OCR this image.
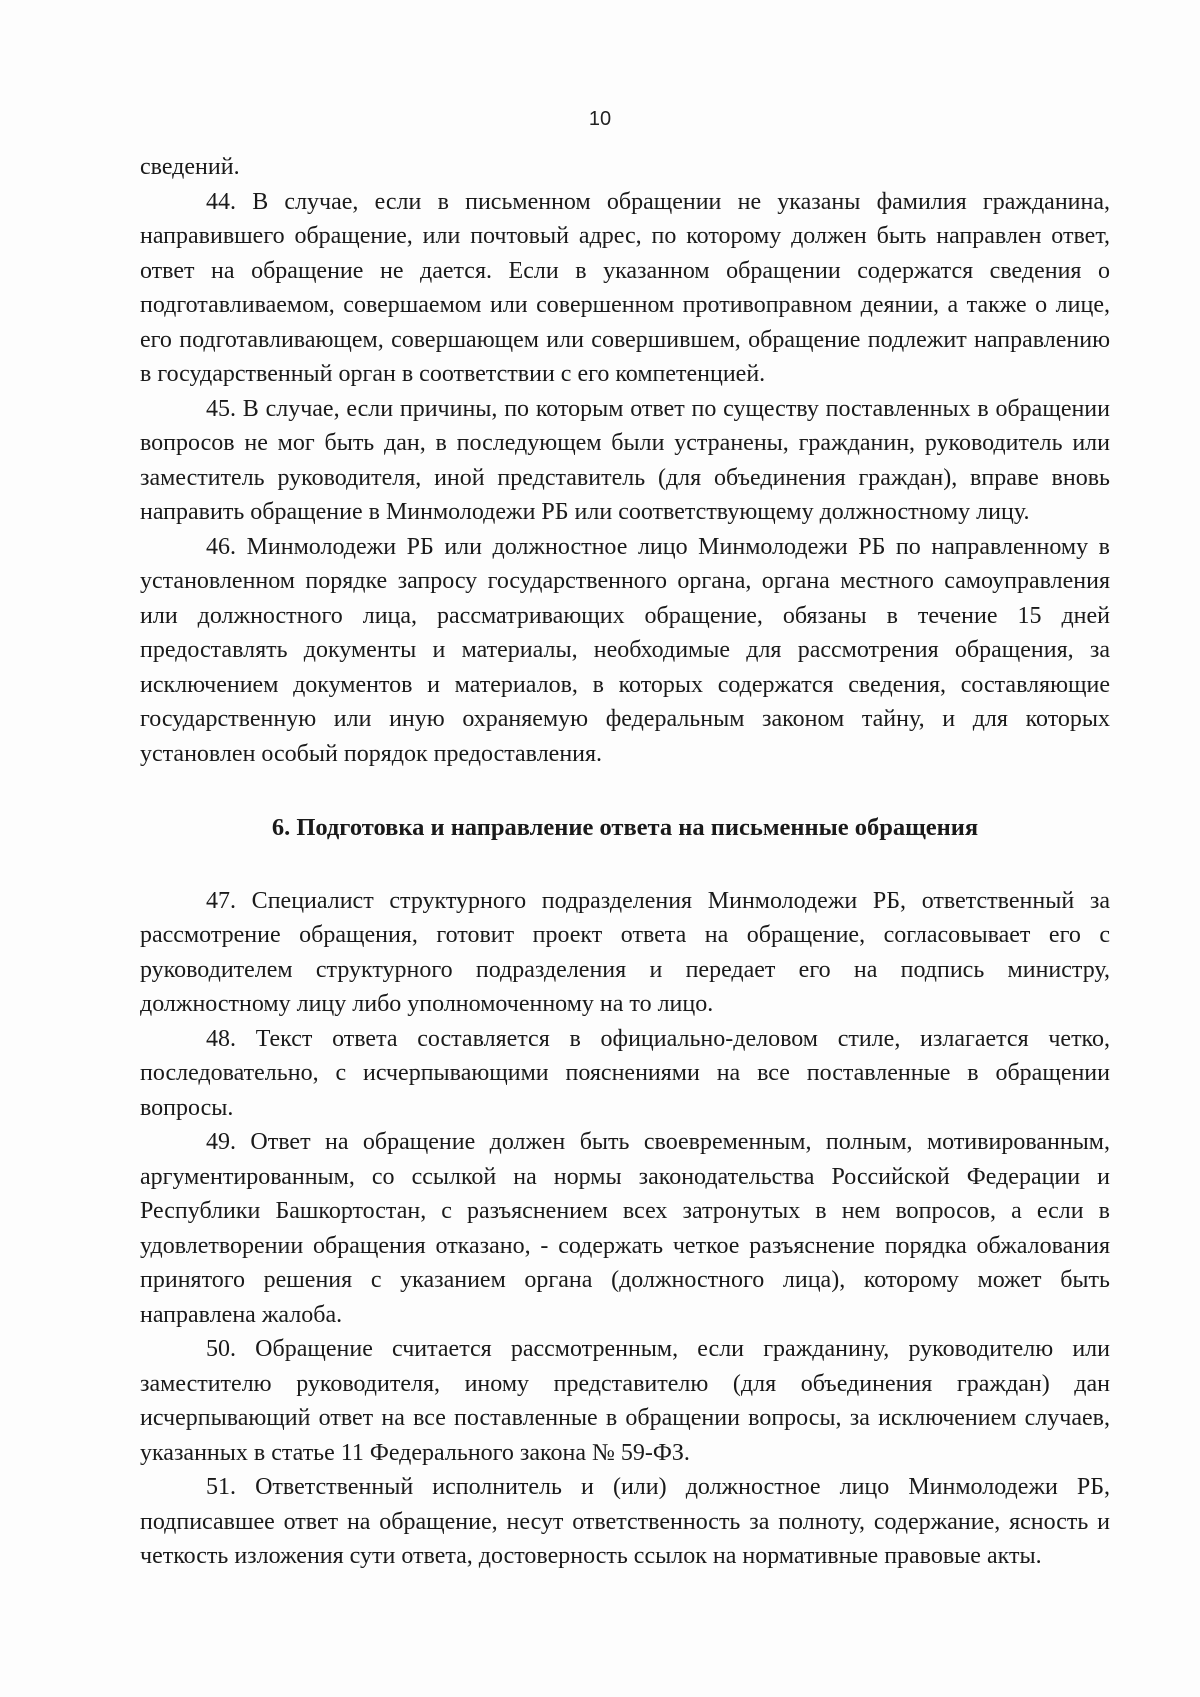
10

сведений.

44. В случае, если в письменном обращении не указаны фамилия гражданина, направившего обращение, или почтовый адрес, по которому должен быть направлен ответ, ответ на обращение не дается. Если в указанном обращении содержатся сведения о подготавливаемом, совершаемом или совершенном противоправном деянии, а также о лице, его подготавливающем, совершающем или совершившем, обращение подлежит направлению в государственный орган в соответствии с его компетенцией.

45. В случае, если причины, по которым ответ по существу поставленных в обращении вопросов не мог быть дан, в последующем были устранены, гражданин, руководитель или заместитель руководителя, иной представитель (для объединения граждан), вправе вновь направить обращение в Минмолодежи РБ или соответствующему должностному лицу.

46. Минмолодежи РБ или должностное лицо Минмолодежи РБ по направленному в установленном порядке запросу государственного органа, органа местного самоуправления или должностного лица, рассматривающих обращение, обязаны в течение 15 дней предоставлять документы и материалы, необходимые для рассмотрения обращения, за исключением документов и материалов, в которых содержатся сведения, составляющие государственную или иную охраняемую федеральным законом тайну, и для которых установлен особый порядок предоставления.

6. Подготовка и направление ответа на письменные обращения

47. Специалист структурного подразделения Минмолодежи РБ, ответственный за рассмотрение обращения, готовит проект ответа на обращение, согласовывает его с руководителем структурного подразделения и передает его на подпись министру, должностному лицу либо уполномоченному на то лицо.

48. Текст ответа составляется в официально-деловом стиле, излагается четко, последовательно, с исчерпывающими пояснениями на все поставленные в обращении вопросы.

49. Ответ на обращение должен быть своевременным, полным, мотивированным, аргументированным, со ссылкой на нормы законодательства Российской Федерации и Республики Башкортостан, с разъяснением всех затронутых в нем вопросов, а если в удовлетворении обращения отказано, - содержать четкое разъяснение порядка обжалования принятого решения с указанием органа (должностного лица), которому может быть направлена жалоба.

50. Обращение считается рассмотренным, если гражданину, руководителю или заместителю руководителя, иному представителю (для объединения граждан) дан исчерпывающий ответ на все поставленные в обращении вопросы, за исключением случаев, указанных в статье 11 Федерального закона № 59-ФЗ.

51. Ответственный исполнитель и (или) должностное лицо Минмолодежи РБ, подписавшее ответ на обращение, несут ответственность за полноту, содержание, ясность и четкость изложения сути ответа, достоверность ссылок на нормативные правовые акты.
